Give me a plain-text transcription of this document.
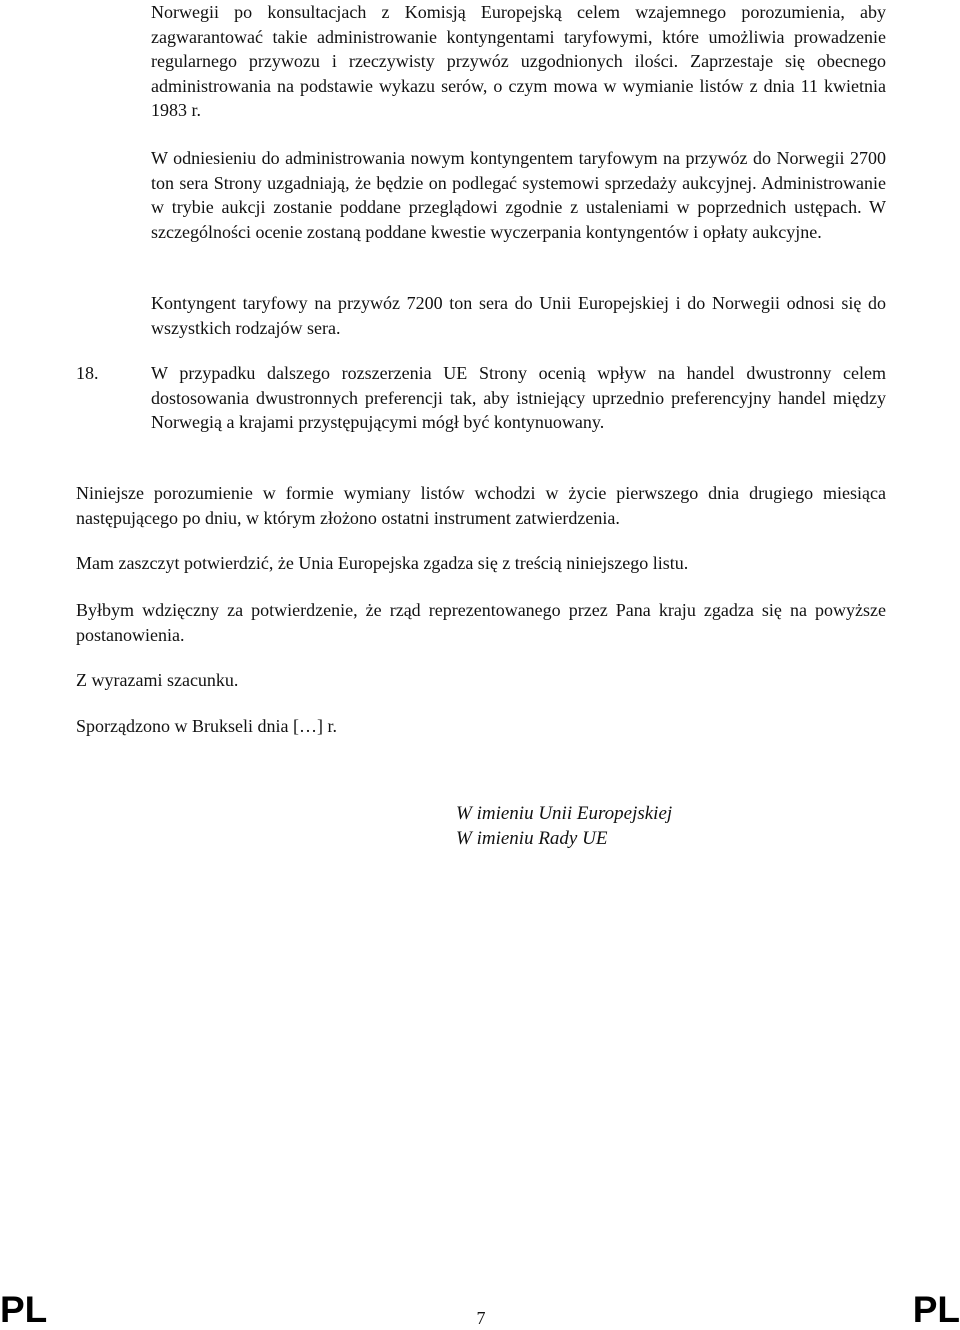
Norwegii po konsultacjach z Komisją Europejską celem wzajemnego porozumienia, aby zagwarantować takie administrowanie kontyngentami taryfowymi, które umożliwia prowadzenie regularnego przywozu i rzeczywisty przywóz uzgodnionych ilości. Zaprzestaje się obecnego administrowania na podstawie wykazu serów, o czym mowa w wymianie listów z dnia 11 kwietnia 1983 r.

W odniesieniu do administrowania nowym kontyngentem taryfowym na przywóz do Norwegii 2700 ton sera Strony uzgadniają, że będzie on podlegać systemowi sprzedaży aukcyjnej. Administrowanie w trybie aukcji zostanie poddane przeglądowi zgodnie z ustaleniami w poprzednich ustępach. W szczególności ocenie zostaną poddane kwestie wyczerpania kontyngentów i opłaty aukcyjne.

Kontyngent taryfowy na przywóz 7200 ton sera do Unii Europejskiej i do Norwegii odnosi się do wszystkich rodzajów sera.

18.	W przypadku dalszego rozszerzenia UE Strony ocenią wpływ na handel dwustronny celem dostosowania dwustronnych preferencji tak, aby istniejący uprzednio preferencyjny handel między Norwegią a krajami przystępującymi mógł być kontynuowany.

Niniejsze porozumienie w formie wymiany listów wchodzi w życie pierwszego dnia drugiego miesiąca następującego po dniu, w którym złożono ostatni instrument zatwierdzenia.

Mam zaszczyt potwierdzić, że Unia Europejska zgadza się z treścią niniejszego listu.

Byłbym wdzięczny za potwierdzenie, że rząd reprezentowanego przez Pana kraju zgadza się na powyższe postanowienia.

Z wyrazami szacunku.

Sporządzono w Brukseli dnia […] r.

W imieniu Unii Europejskiej
W imieniu Rady UE
PL	7	PL
